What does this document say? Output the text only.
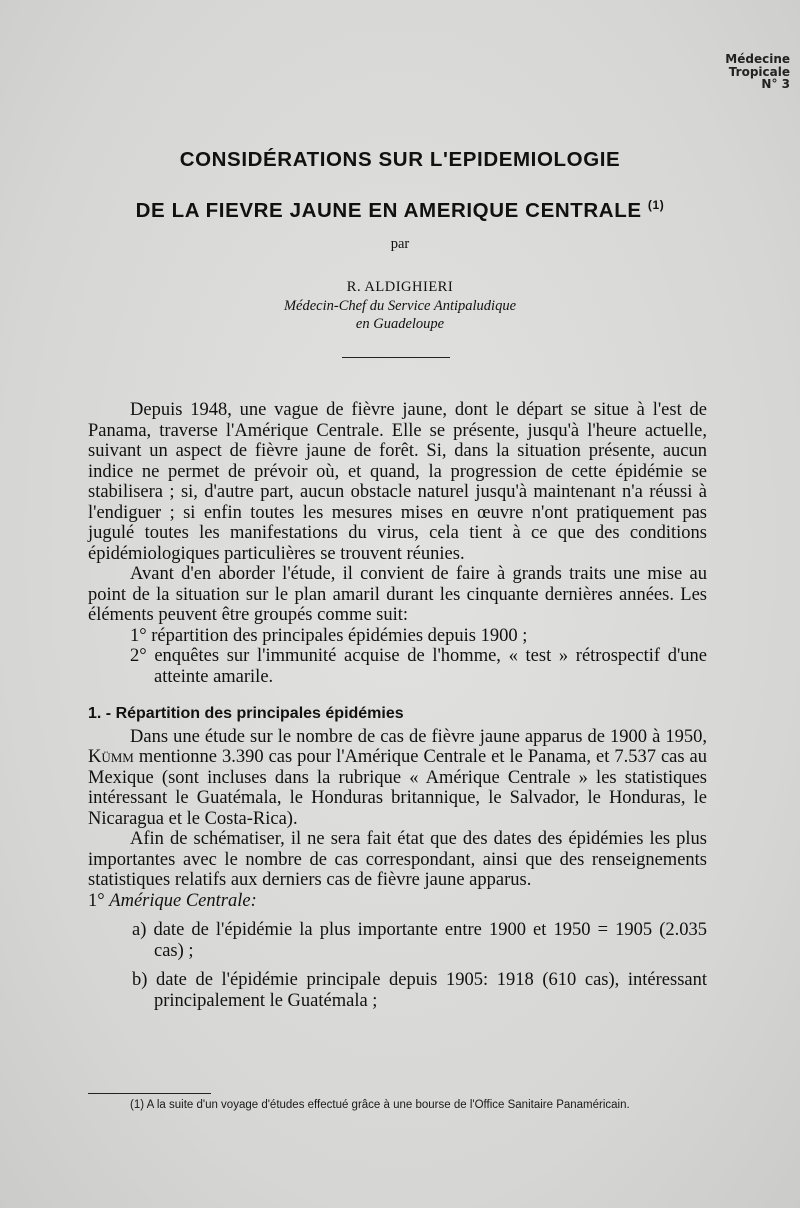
Médecine
Tropicale
N° 3
CONSIDÉRATIONS SUR L'EPIDEMIOLOGIE
DE LA FIEVRE JAUNE EN AMERIQUE CENTRALE $^{(1)}$
par
R. ALDIGHIERI
Médecin-Chef du Service Antipaludique
en Guadeloupe

Depuis 1948, une vague de fièvre jaune, dont le départ se situe à l'est de Panama, traverse l'Amérique Centrale. Elle se présente, jusqu'à l'heure actuelle, suivant un aspect de fièvre jaune de forêt. Si, dans la situation présente, aucun indice ne permet de prévoir où, et quand, la progression de cette épidémie se stabilisera ; si, d'autre part, aucun obstacle naturel jusqu'à maintenant n'a réussi à l'endiguer ; si enfin toutes les mesures mises en œuvre n'ont pratiquement pas jugulé toutes les manifestations du virus, cela tient à ce que des conditions épidémiologiques particulières se trouvent réunies.

Avant d'en aborder l'étude, il convient de faire à grands traits une mise au point de la situation sur le plan amaril durant les cinquante dernières années. Les éléments peuvent être groupés comme suit:

1° répartition des principales épidémies depuis 1900 ;

2° enquêtes sur l'immunité acquise de l'homme, « test » rétrospectif d'une atteinte amarile.

1. - Répartition des principales épidémies

Dans une étude sur le nombre de cas de fièvre jaune apparus de 1900 à 1950, Kümm mentionne 3.390 cas pour l'Amérique Centrale et le Panama, et 7.537 cas au Mexique (sont incluses dans la rubrique « Amérique Centrale » les statistiques intéressant le Guatémala, le Honduras britannique, le Salvador, le Honduras, le Nicaragua et le Costa-Rica).

Afin de schématiser, il ne sera fait état que des dates des épidémies les plus importantes avec le nombre de cas correspondant, ainsi que des renseignements statistiques relatifs aux derniers cas de fièvre jaune apparus.

1° Amérique Centrale:

a) date de l'épidémie la plus importante entre 1900 et 1950 = 1905 (2.035 cas) ;

b) date de l'épidémie principale depuis 1905: 1918 (610 cas), intéressant principalement le Guatémala ;

(1) A la suite d'un voyage d'études effectué grâce à une bourse de l'Office Sanitaire Panaméricain.
